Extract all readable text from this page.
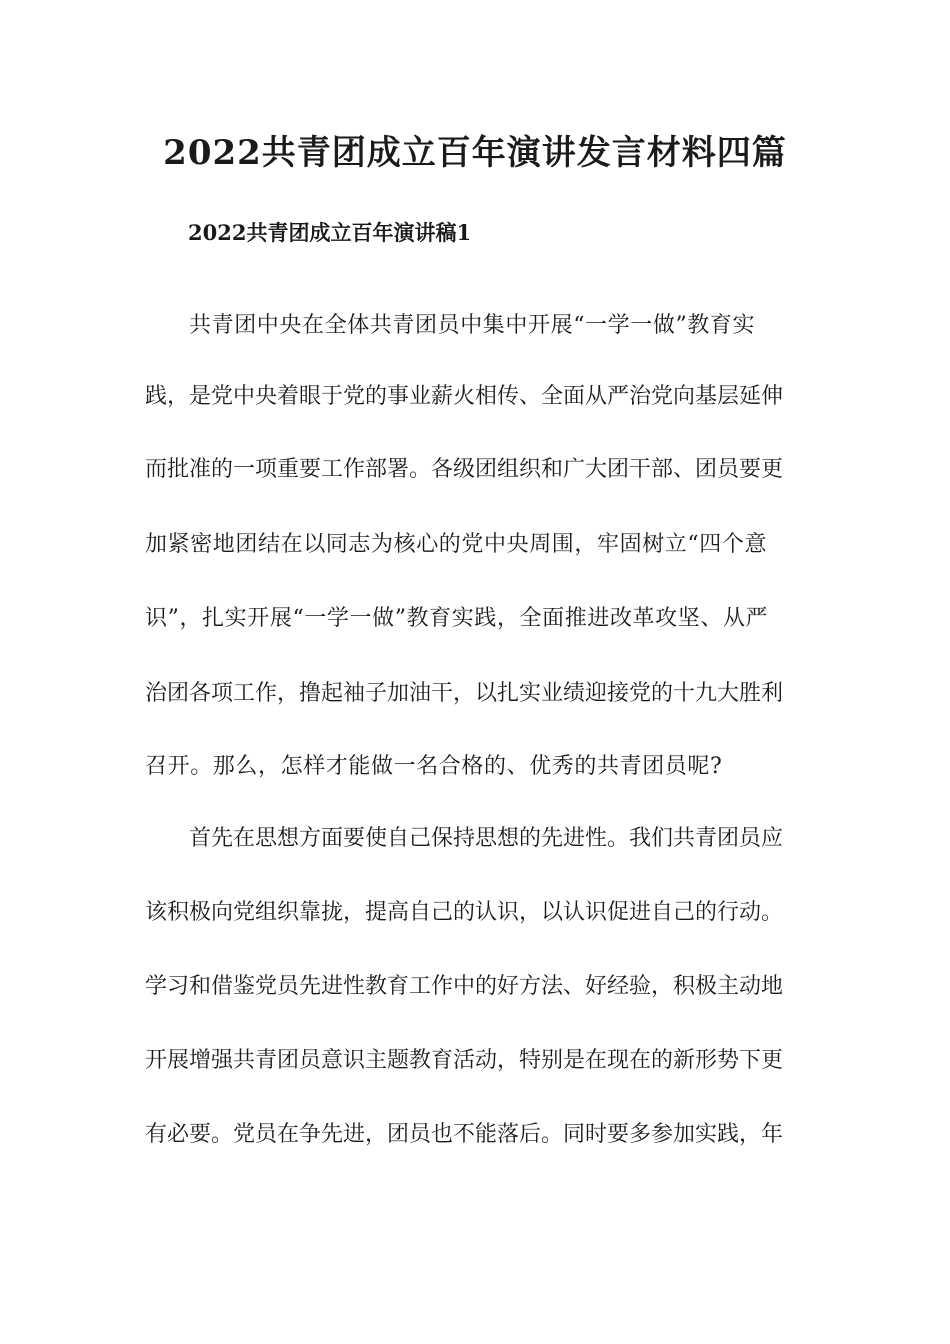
2022共青团成立百年演讲发言材料四篇
2022共青团成立百年演讲稿1

共青团中央在全体共青团员中集中开展“一学一做”教育实

践，是党中央着眼于党的事业薪火相传、全面从严治党向基层延伸

而批准的一项重要工作部署。各级团组织和广大团干部、团员要更

加紧密地团结在以同志为核心的党中央周围，牢固树立“四个意

识”，扎实开展“一学一做”教育实践，全面推进改革攻坚、从严

治团各项工作，撸起袖子加油干，以扎实业绩迎接党的十九大胜利

召开。那么，怎样才能做一名合格的、优秀的共青团员呢?

首先在思想方面要使自己保持思想的先进性。我们共青团员应

该积极向党组织靠拢，提高自己的认识，以认识促进自己的行动。

学习和借鉴党员先进性教育工作中的好方法、好经验，积极主动地

开展增强共青团员意识主题教育活动，特别是在现在的新形势下更

有必要。党员在争先进，团员也不能落后。同时要多参加实践，年
